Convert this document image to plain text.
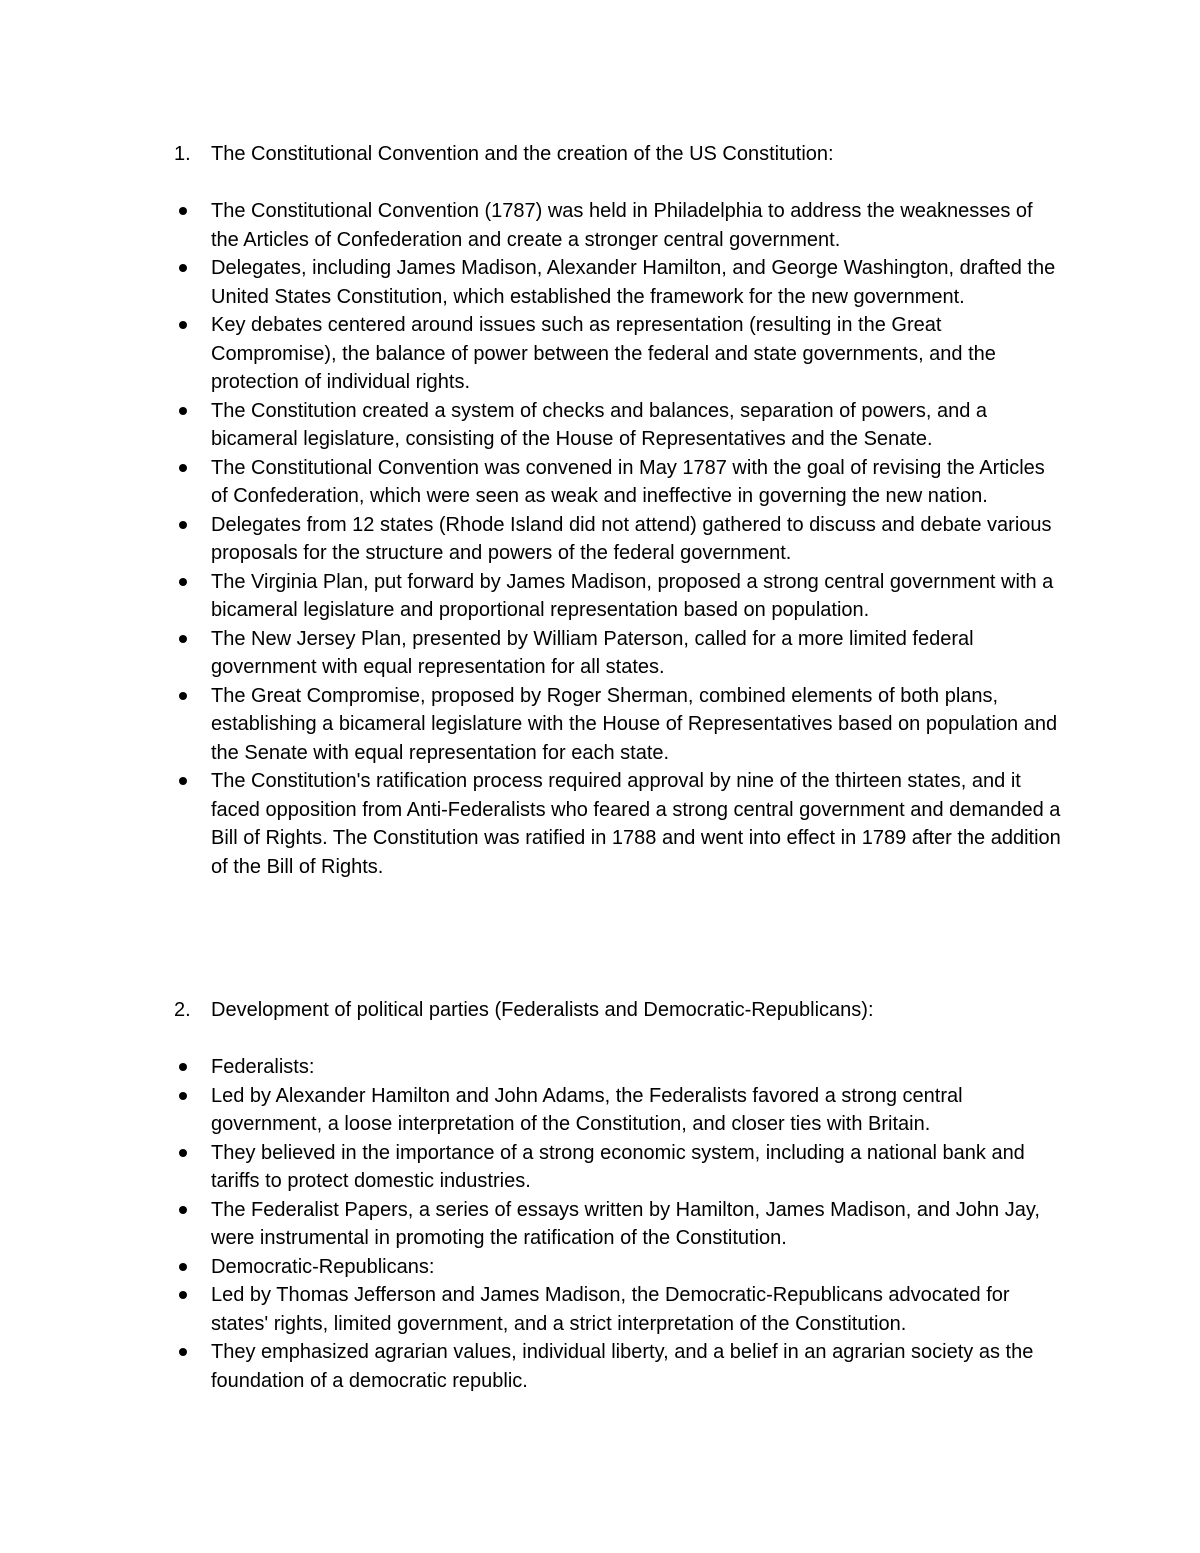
1. The Constitutional Convention and the creation of the US Constitution:
The Constitutional Convention (1787) was held in Philadelphia to address the weaknesses of the Articles of Confederation and create a stronger central government.
Delegates, including James Madison, Alexander Hamilton, and George Washington, drafted the United States Constitution, which established the framework for the new government.
Key debates centered around issues such as representation (resulting in the Great Compromise), the balance of power between the federal and state governments, and the protection of individual rights.
The Constitution created a system of checks and balances, separation of powers, and a bicameral legislature, consisting of the House of Representatives and the Senate.
The Constitutional Convention was convened in May 1787 with the goal of revising the Articles of Confederation, which were seen as weak and ineffective in governing the new nation.
Delegates from 12 states (Rhode Island did not attend) gathered to discuss and debate various proposals for the structure and powers of the federal government.
The Virginia Plan, put forward by James Madison, proposed a strong central government with a bicameral legislature and proportional representation based on population.
The New Jersey Plan, presented by William Paterson, called for a more limited federal government with equal representation for all states.
The Great Compromise, proposed by Roger Sherman, combined elements of both plans, establishing a bicameral legislature with the House of Representatives based on population and the Senate with equal representation for each state.
The Constitution's ratification process required approval by nine of the thirteen states, and it faced opposition from Anti-Federalists who feared a strong central government and demanded a Bill of Rights. The Constitution was ratified in 1788 and went into effect in 1789 after the addition of the Bill of Rights.
2. Development of political parties (Federalists and Democratic-Republicans):
Federalists:
Led by Alexander Hamilton and John Adams, the Federalists favored a strong central government, a loose interpretation of the Constitution, and closer ties with Britain.
They believed in the importance of a strong economic system, including a national bank and tariffs to protect domestic industries.
The Federalist Papers, a series of essays written by Hamilton, James Madison, and John Jay, were instrumental in promoting the ratification of the Constitution.
Democratic-Republicans:
Led by Thomas Jefferson and James Madison, the Democratic-Republicans advocated for states' rights, limited government, and a strict interpretation of the Constitution.
They emphasized agrarian values, individual liberty, and a belief in an agrarian society as the foundation of a democratic republic.
